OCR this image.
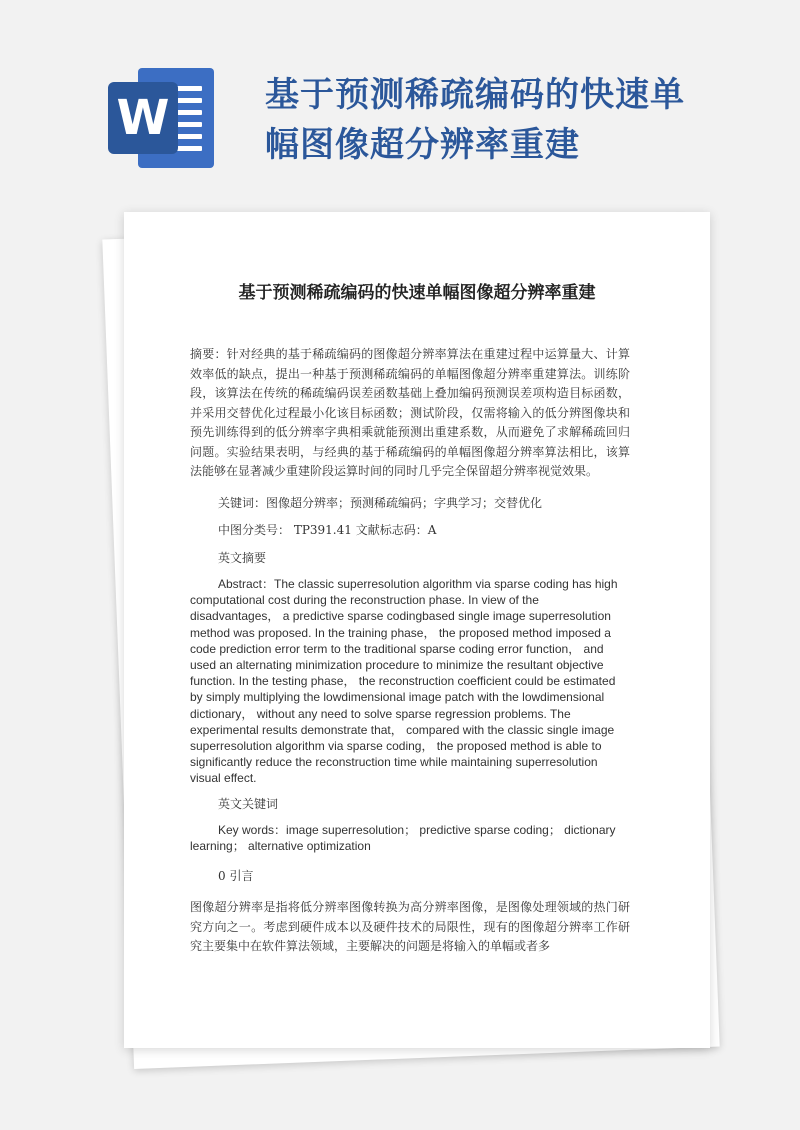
W	基于预测稀疏编码的快速单幅图像超分辨率重建
基于预测稀疏编码的快速单幅图像超分辨率重建

摘要：针对经典的基于稀疏编码的图像超分辨率算法在重建过程中运算量大、计算效率低的缺点，提出一种基于预测稀疏编码的单幅图像超分辨率重建算法。训练阶段，该算法在传统的稀疏编码误差函数基础上叠加编码预测误差项构造目标函数，并采用交替优化过程最小化该目标函数；测试阶段，仅需将输入的低分辨图像块和预先训练得到的低分辨率字典相乘就能预测出重建系数，从而避免了求解稀疏回归问题。实验结果表明，与经典的基于稀疏编码的单幅图像超分辨率算法相比，该算法能够在显著减少重建阶段运算时间的同时几乎完全保留超分辨率视觉效果。

关键词：图像超分辨率；预测稀疏编码；字典学习；交替优化

中图分类号： TP391.41 文献标志码：A

英文摘要

Abstract：The classic superresolution algorithm via sparse coding has high computational cost during the reconstruction phase. In view of the disadvantages， a predictive sparse codingbased single image superresolution method was proposed. In the training phase， the proposed method imposed a code prediction error term to the traditional sparse coding error function， and used an alternating minimization procedure to minimize the resultant objective function. In the testing phase， the reconstruction coefficient could be estimated by simply multiplying the lowdimensional image patch with the lowdimensional dictionary， without any need to solve sparse regression problems. The experimental results demonstrate that， compared with the classic single image superresolution algorithm via sparse coding， the proposed method is able to significantly reduce the reconstruction time while maintaining superresolution visual effect.

英文关键词

Key words：image superresolution； predictive sparse coding； dictionary learning； alternative optimization

0 引言

图像超分辨率是指将低分辨率图像转换为高分辨率图像，是图像处理领域的热门研究方向之一。考虑到硬件成本以及硬件技术的局限性，现有的图像超分辨率工作研究主要集中在软件算法领域，主要解决的问题是将输入的单幅或者多
